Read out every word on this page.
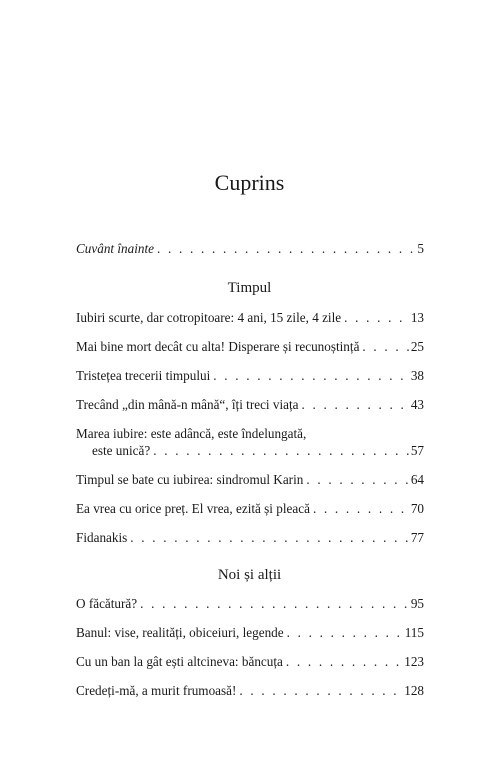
Cuprins
Cuvânt înainte . . .	5
Timpul
Iubiri scurte, dar cotropitoare: 4 ani, 15 zile, 4 zile . . .	13
Mai bine mort decât cu alta! Disperare și recunoștință . . .	25
Tristețea trecerii timpului . . .	38
Trecând „din mână-n mână“, îți treci viața . . .	43
Marea iubire: este adâncă, este îndelungată,
este unică? . . .	57
Timpul se bate cu iubirea: sindromul Karin . . .	64
Ea vrea cu orice preț. El vrea, ezită și pleacă . . .	70
Fidanakis . . .	77
Noi și alții
O făcătură? . . .	95
Banul: vise, realități, obiceiuri, legende . . .	115
Cu un ban la gât ești altcineva: băncuța . . .	123
Credeți-mă, a murit frumoasă! . . .	128
